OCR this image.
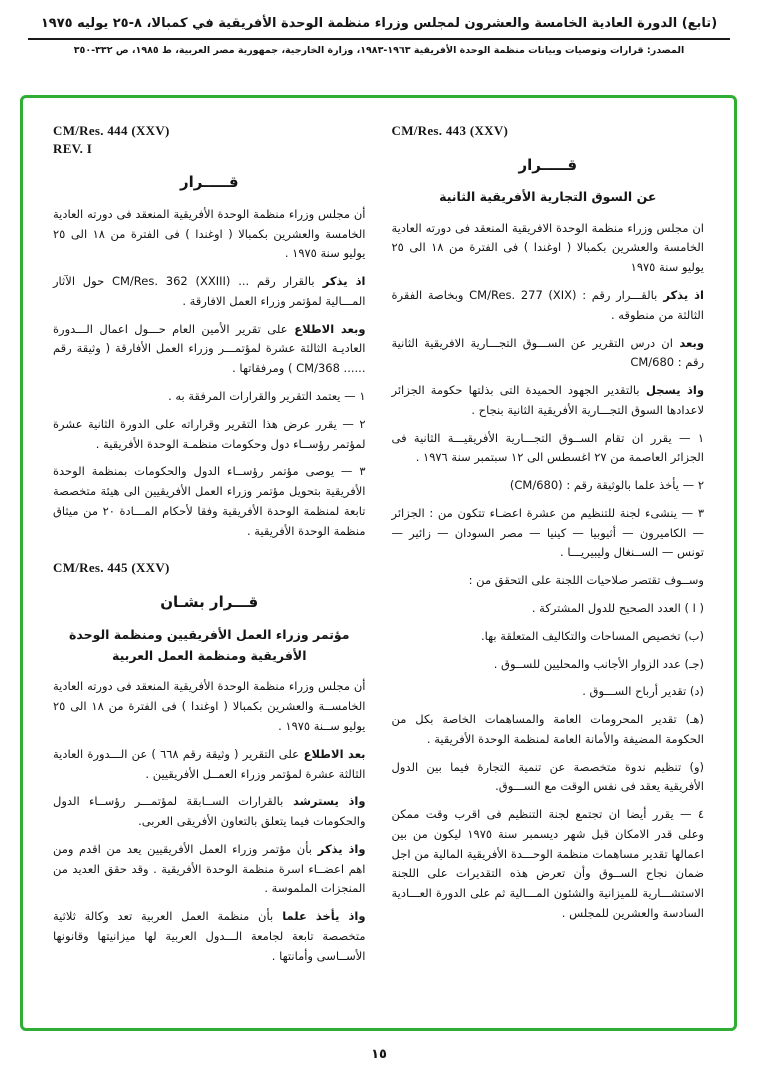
(تابع) الدورة العادية الخامسة والعشرون لمجلس وزراء منظمة الوحدة الأفريقية في كمبالا، ٨-٢٥ يوليه ١٩٧٥
المصدر: قرارات وتوصيات وبيانات منظمة الوحدة الأفريقية ١٩٦٣-١٩٨٣، وزارة الخارجية، جمهورية مصر العربية، ط ١٩٨٥، ص ٣٣٢-٣٥٠
CM/Res. 443 (XXV)
قـــــرار
عن السوق التجارية الأفريقية الثانية

ان مجلس وزراء منظمة الوحدة الافريقية المنعقد فى دورته العادية الخامسة والعشرين بكمبالا ( اوغندا ) فى الفترة من ١٨ الى ٢٥ يوليو سنة ١٩٧٥

اذ يذكربالقـــرار رقم : CM/Res. 277 (XIX) وبخاصة الفقرة الثالثة من منطوقه .

وبعدان درس التقرير عن الســـوق التجـــارية الافريقية الثانية رقم : CM/680

واذ يسجلبالتقدير الجهود الحميدة التى بذلتها حكومة الجزائر لاعدادها السوق التجـــارية الأفريقية الثانية بنجاح .

١ — يقرر ان تقام الســوق التجـــارية الأفريقيـــة الثانية فى الجزائر العاصمة من ٢٧ اغسطس الى ١٢ سبتمبر سنة ١٩٧٦ .

٢ — يأخذ علما بالوثيقة رقم : (CM/680)

٣ — ينشىء لجنة للتنظيم من عشرة اعضـاء تتكون من : الجزائر — الكاميرون — أثيوبيا — كينيا — مصر السودان — زائير — تونس — الســنغال وليبيريـــا .

وســوف تقتصر صلاحيات اللجنة على التحقق من :

( ا ) العدد الصحيح للدول المشتركة .

(ب) تخصيص المساحات والتكاليف المتعلقة بها.

(جـ) عدد الزوار الأجانب والمحليين للســوق .

(د) تقدير أرباح الســـوق .

(هـ) تقدير المحرومات العامة والمساهمات الخاصة بكل من الحكومة المضيفة والأمانة العامة لمنظمة الوحدة الأفريقية .

(و) تنظيم ندوة متخصصة عن تنمية التجارة فيما بين الدول الأفريقية يعقد فى نفس الوقت مع الســـوق.

٤ — يقرر أيضا ان تجتمع لجنة التنظيم فى اقرب وقت ممكن وعلى قدر الامكان قبل شهر ديسمبر سنة ١٩٧٥ ليكون من بين اعمالها تقدير مساهمات منظمة الوحـــدة الأفريقية المالية من اجل ضمان نجاح الســوق وأن تعرض هذه التقديرات على اللجنة الاستشـــارية للميزانية والشئون المـــالية ثم على الدورة العـــادية السادسة والعشرين للمجلس .

CM/Res. 444 (XXV)
REV. I
قـــــرار

أن مجلس وزراء منظمة الوحدة الأفريقية المنعقد فى دورته العادية الخامسة والعشرين بكمبالا ( اوغندا ) فى الفترة من ١٨ الى ٢٥ يوليو سنة ١٩٧٥ .

اذ يذكربالقرار رقم ... CM/Res. 362 (XXIII) حول الآثار المـــالية لمؤتمر وزراء العمل الافارقة .

وبعد الاطلاععلى تقرير الأمين العام حـــول اعمال الـــدورة العاديـة الثالثة عشرة لمؤتمـــر وزراء العمل الأفارقة ( وثيقة رقم ...... CM/368 ) ومرفقاتها .

١ — يعتمد التقرير والقرارات المرفقة به .

٢ — يقرر عرض هذا التقرير وقراراته على الدورة الثانية عشرة لمؤتمر رؤســاء دول وحكومات منظمـة الوحدة الأفريقية .

٣ — يوصى مؤتمر رؤســاء الدول والحكومات بمنظمة الوحدة الأفريقية بتحويل مؤتمر وزراء العمل الأفريقيين الى هيئة متخصصة تابعة لمنظمة الوحدة الأفريقية وفقا لأحكام المـــادة ٢٠ من ميثاق منظمة الوحدة الأفريقية .

CM/Res. 445 (XXV)
قـــرار بشـان
مؤتمر وزراء العمل الأفريقيين ومنظمة الوحدة
الأفريقية ومنظمة العمل العربية

أن مجلس وزراء منظمة الوحدة الأفريقية المنعقد فى دورته العادية الخامســة والعشرين بكمبالا ( اوغندا ) فى الفترة من ١٨ الى ٢٥ يوليو ســنة ١٩٧٥ .

بعد الاطلاععلى التقرير ( وثيقة رقم ٦٦٨ ) عن الـــدورة العادية الثالثة عشرة لمؤتمر وزراء العمــل الأفريقيين .

واذ يسترشدبالقرارات الســابقة لمؤتمـــر رؤســاء الدول والحكومات فيما يتعلق بالتعاون الأفريقى العربى.

واذ يذكربأن مؤتمر وزراء العمل الأفريقيين يعد من اقدم ومن اهم اعضــاء اسرة منظمة الوحدة الأفريقية . وقد حقق العديد من المنجزات الملموسة .

واذ يأخذ علمابأن منظمة العمل العربية تعد وكالة ثلاثية متخصصة تابعة لجامعة الـــدول العربية لها ميزانيتها وقانونها الأســاسى وأمانتها .

١٥
